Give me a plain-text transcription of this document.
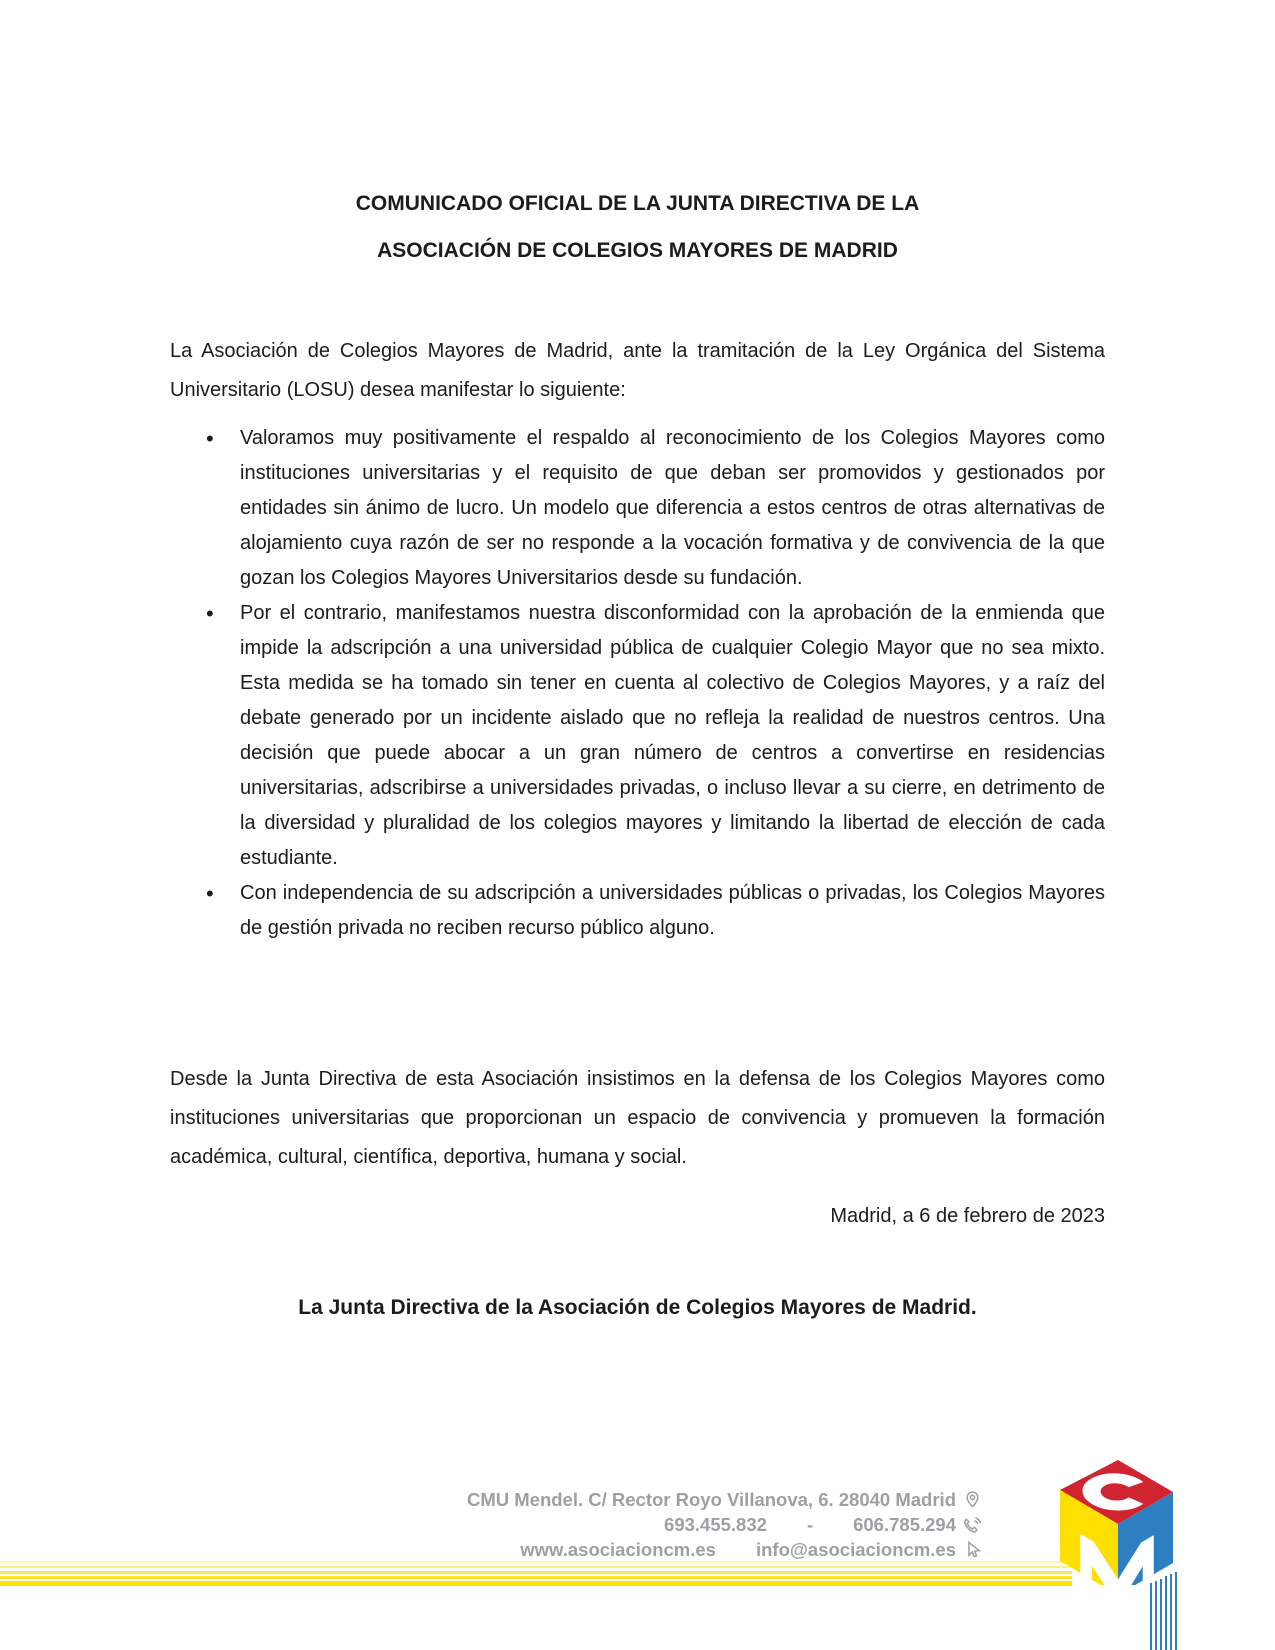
COMUNICADO OFICIAL DE LA JUNTA DIRECTIVA DE LA
ASOCIACIÓN DE COLEGIOS MAYORES DE MADRID

La Asociación de Colegios Mayores de Madrid, ante la tramitación de la Ley Orgánica del Sistema Universitario (LOSU) desea manifestar lo siguiente:

• Valoramos muy positivamente el respaldo al reconocimiento de los Colegios Mayores como instituciones universitarias y el requisito de que deban ser promovidos y gestionados por entidades sin ánimo de lucro. Un modelo que diferencia a estos centros de otras alternativas de alojamiento cuya razón de ser no responde a la vocación formativa y de convivencia de la que gozan los Colegios Mayores Universitarios desde su fundación.
• Por el contrario, manifestamos nuestra disconformidad con la aprobación de la enmienda que impide la adscripción a una universidad pública de cualquier Colegio Mayor que no sea mixto. Esta medida se ha tomado sin tener en cuenta al colectivo de Colegios Mayores, y a raíz del debate generado por un incidente aislado que no refleja la realidad de nuestros centros. Una decisión que puede abocar a un gran número de centros a convertirse en residencias universitarias, adscribirse a universidades privadas, o incluso llevar a su cierre, en detrimento de la diversidad y pluralidad de los colegios mayores y limitando la libertad de elección de cada estudiante.
• Con independencia de su adscripción a universidades públicas o privadas, los Colegios Mayores de gestión privada no reciben recurso público alguno.

Desde la Junta Directiva de esta Asociación insistimos en la defensa de los Colegios Mayores como instituciones universitarias que proporcionan un espacio de convivencia y promueven la formación académica, cultural, científica, deportiva, humana y social.

Madrid, a 6 de febrero de 2023
La Junta Directiva de la Asociación de Colegios Mayores de Madrid.
CMU Mendel. C/ Rector Royo Villanova, 6. 28040 Madrid
693.455.832 - 606.785.294
www.asociacioncm.es info@asociacioncm.es
